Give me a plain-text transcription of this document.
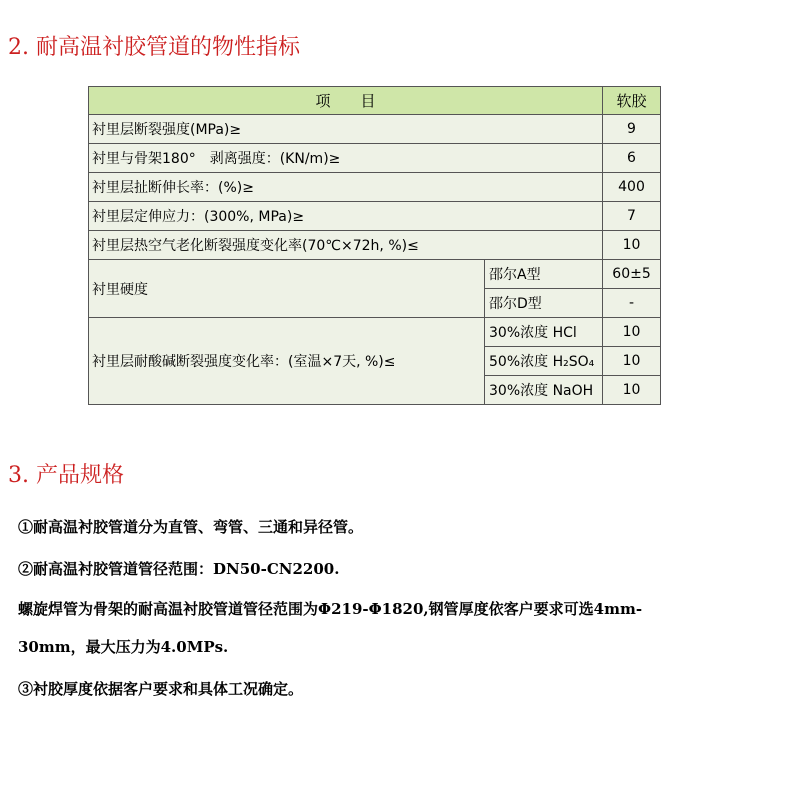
2. 耐高温衬胶管道的物性指标
项　　目		软胶
衬里层断裂强度(MPa)≥		9
衬里与骨架180°　剥离强度：(KN/m)≥		6
衬里层扯断伸长率：(%)≥		400
衬里层定伸应力：(300%, MPa)≥		7
衬里层热空气老化断裂强度变化率(70℃×72h, %)≤		10
衬里硬度	邵尔A型	60±5
	邵尔D型	-
衬里层耐酸碱断裂强度变化率：(室温×7天, %)≤	30%浓度 HCl	10
	50%浓度 H₂SO₄	10
	30%浓度 NaOH	10
3. 产品规格
①耐高温衬胶管道分为直管、弯管、三通和异径管。
②耐高温衬胶管道管径范围：DN50-CN2200.
螺旋焊管为骨架的耐高温衬胶管道管径范围为Φ219-Φ1820,钢管厚度依客户要求可选4mm-
30mm，最大压力为4.0MPs.
③衬胶厚度依据客户要求和具体工况确定。
